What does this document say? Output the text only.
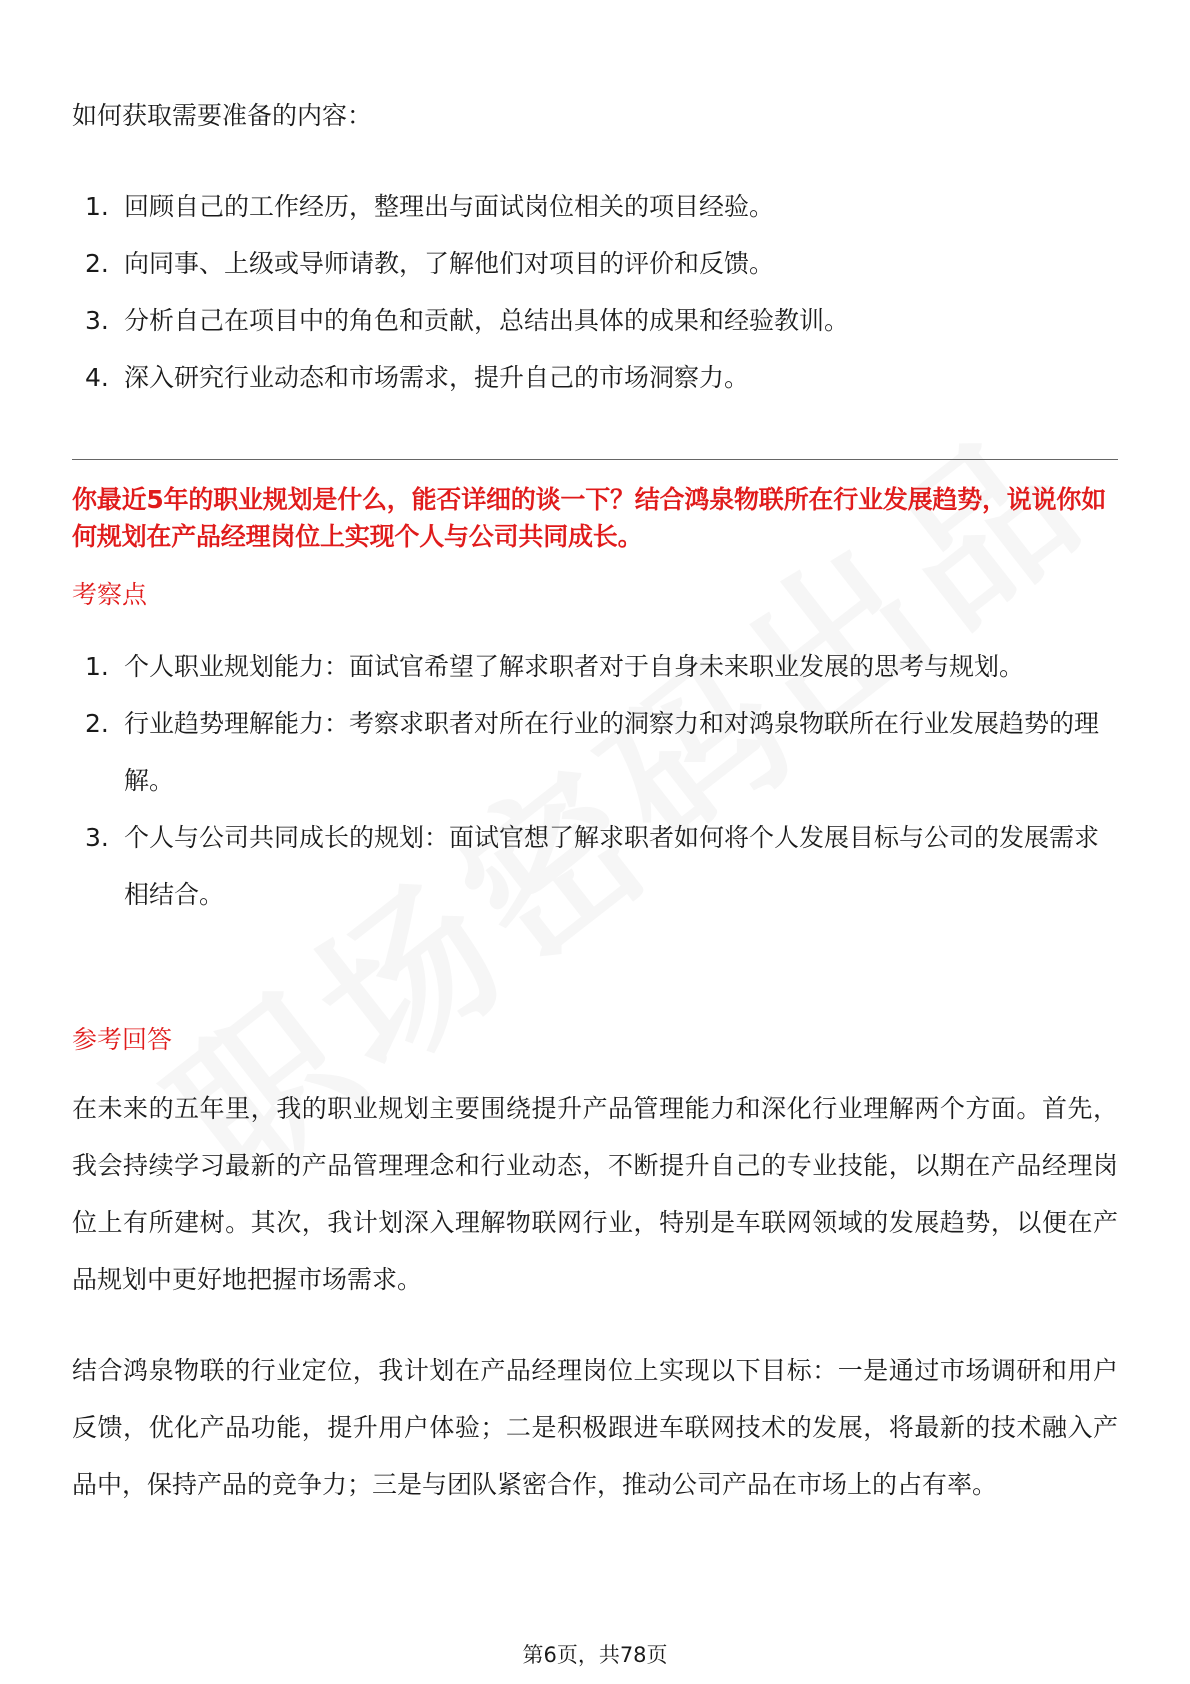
如何获取需要准备的内容：

1. 回顾自己的工作经历，整理出与面试岗位相关的项目经验。
2. 向同事、上级或导师请教，了解他们对项目的评价和反馈。
3. 分析自己在项目中的角色和贡献，总结出具体的成果和经验教训。
4. 深入研究行业动态和市场需求，提升自己的市场洞察力。
你最近5年的职业规划是什么，能否详细的谈一下？结合鸿泉物联所在行业发展趋势，说说你如何规划在产品经理岗位上实现个人与公司共同成长。
考察点
1. 个人职业规划能力：面试官希望了解求职者对于自身未来职业发展的思考与规划。
2. 行业趋势理解能力：考察求职者对所在行业的洞察力和对鸿泉物联所在行业发展趋势的理解。
3. 个人与公司共同成长的规划：面试官想了解求职者如何将个人发展目标与公司的发展需求相结合。
参考回答

在未来的五年里，我的职业规划主要围绕提升产品管理能力和深化行业理解两个方面。首先，我会持续学习最新的产品管理理念和行业动态，不断提升自己的专业技能，以期在产品经理岗位上有所建树。其次，我计划深入理解物联网行业，特别是车联网领域的发展趋势，以便在产品规划中更好地把握市场需求。

结合鸿泉物联的行业定位，我计划在产品经理岗位上实现以下目标：一是通过市场调研和用户反馈，优化产品功能，提升用户体验；二是积极跟进车联网技术的发展，将最新的技术融入产品中，保持产品的竞争力；三是与团队紧密合作，推动公司产品在市场上的占有率。

第6页，共78页
